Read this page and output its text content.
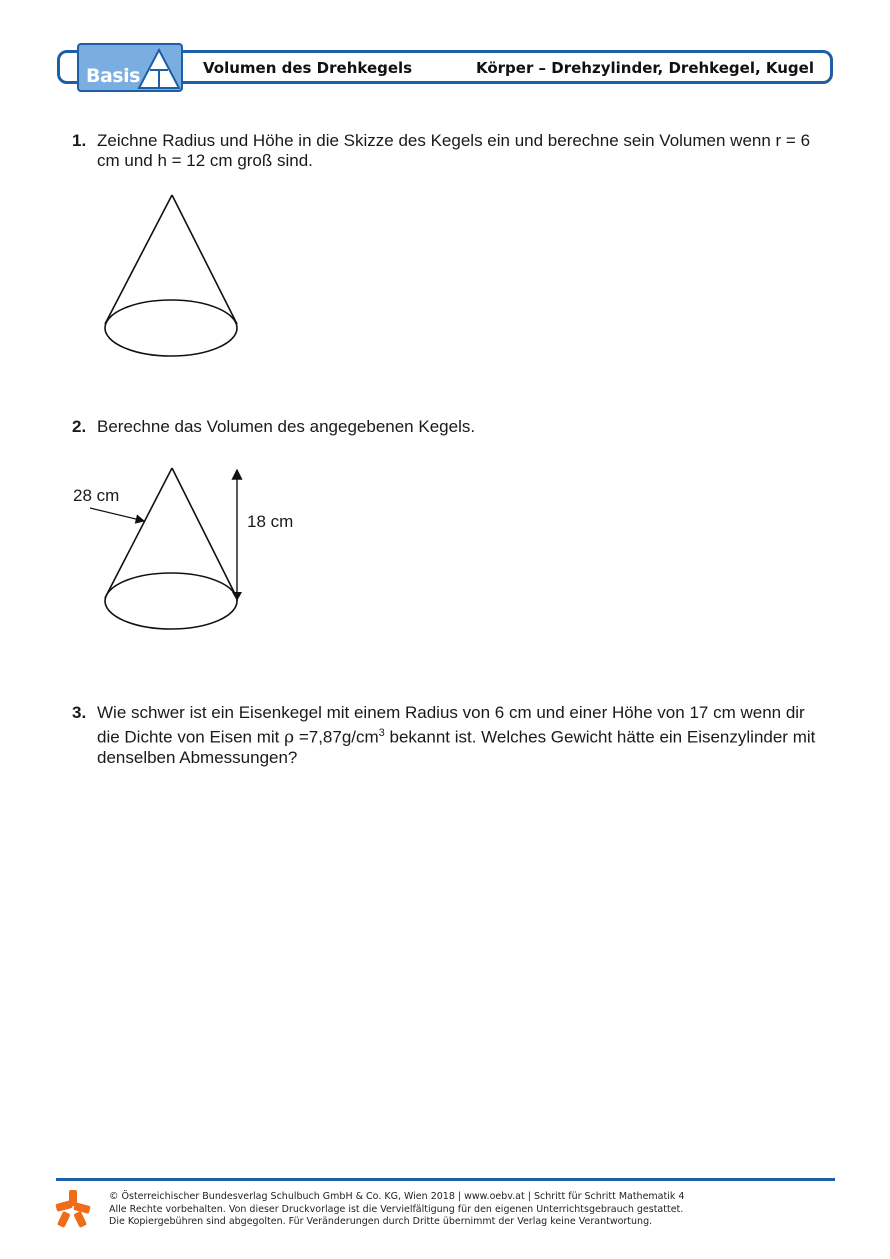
Basis	Volumen des Drehkegels	Körper – Drehzylinder, Drehkegel, Kugel
1. Zeichne Radius und Höhe in die Skizze des Kegels ein und berechne sein Volumen wenn r = 6 cm und h = 12 cm groß sind.
2. Berechne das Volumen des angegebenen Kegels.
28 cm
18 cm
3. Wie schwer ist ein Eisenkegel mit einem Radius von 6 cm und einer Höhe von 17 cm wenn dir die Dichte von Eisen mit $\rho =7,87g/cm^3$ bekannt ist. Welches Gewicht hätte ein Eisenzylinder mit denselben Abmessungen?
© Österreichischer Bundesverlag Schulbuch GmbH & Co. KG, Wien 2018 | www.oebv.at | Schritt für Schritt Mathematik 4
Alle Rechte vorbehalten. Von dieser Druckvorlage ist die Vervielfältigung für den eigenen Unterrichtsgebrauch gestattet.
Die Kopiergebühren sind abgegolten. Für Veränderungen durch Dritte übernimmt der Verlag keine Verantwortung.
